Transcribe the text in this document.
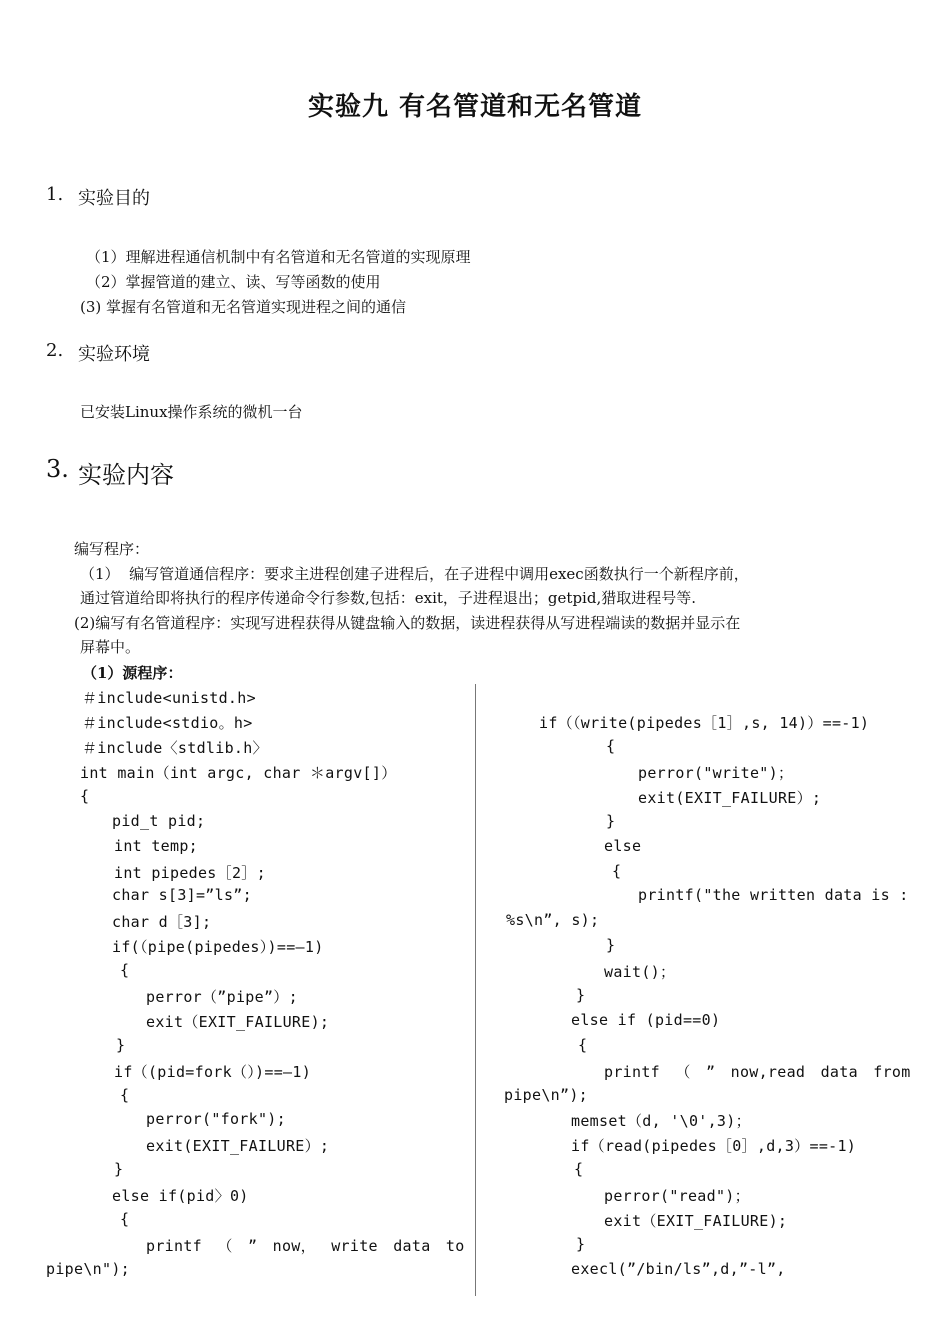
实验九 有名管道和无名管道
1. 实验目的
（1）理解进程通信机制中有名管道和无名管道的实现原理
（2）掌握管道的建立、读、写等函数的使用
(3) 掌握有名管道和无名管道实现进程之间的通信
2. 实验环境
已安装Linux操作系统的微机一台
3. 实验内容
编写程序：
（1）  编写管道通信程序：要求主进程创建子进程后，在子进程中调用exec函数执行一个新程序前，
通过管道给即将执行的程序传递命令行参数,包括：exit，子进程退出；getpid,猎取进程号等.
(2)编写有名管道程序：实现写进程获得从键盘输入的数据，读进程获得从写进程端读的数据并显示在
屏幕中。
（1）源程序：
＃include<unistd.h>
＃include<stdio。h>
＃include〈stdlib.h〉
int main（int argc, char ＊argv[]）
{
pid_t pid;
int temp;
int pipedes［2］;
char s[3]=”ls”;
char d［3];
if(（pipe(pipedes）)==—1)
{
perror（”pipe”）;
exit（EXIT_FAILURE);
}
if（(pid=fork（）)==—1)
{
perror("fork");
exit(EXIT_FAILURE）;
}
else if(pid〉0)
{
printf （ ” now， write data to
pipe\n");
if（（write(pipedes［1］,s, 14)）==-1)
{
perror("write")；
exit(EXIT_FAILURE）;
}
else
{
printf("the written data is :
%s\n”, s);
}
wait()；
}
else if (pid==0)
{
printf （ ” now,read data from
pipe\n”);
memset（d, '\0',3)；
if（read(pipedes［0］,d,3）==-1)
{
perror("read")；
exit（EXIT_FAILURE);
}
execl(”/bin/ls”,d,”-l”,
